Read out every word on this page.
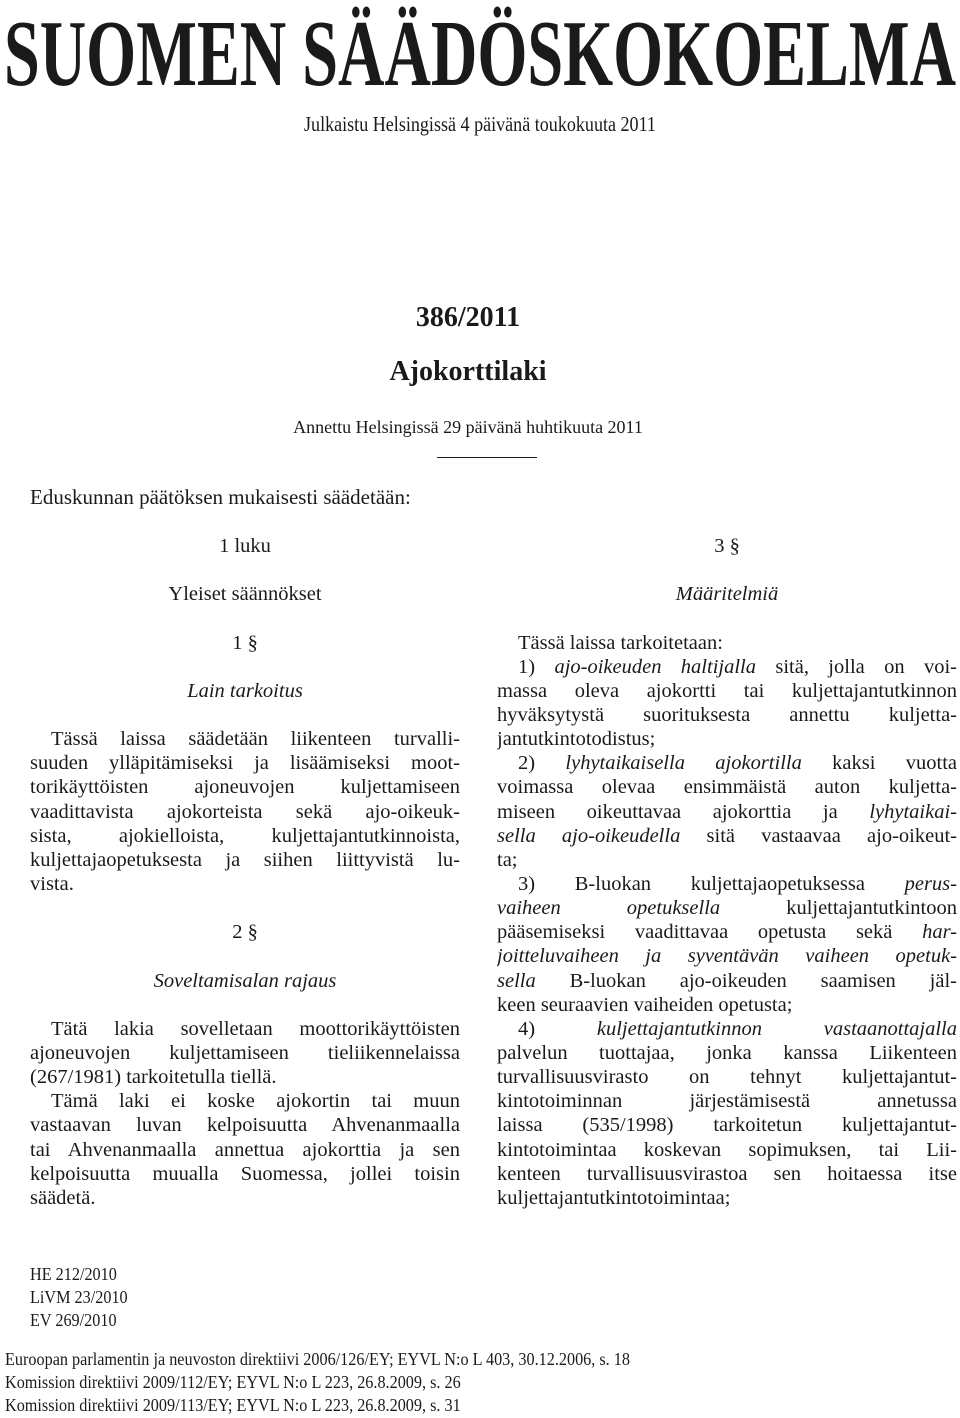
SUOMEN SÄÄDÖSKOKOELMA
Julkaistu Helsingissä 4 päivänä toukokuuta 2011
386/2011
Ajokorttilaki
Annettu Helsingissä 29 päivänä huhtikuuta 2011
Eduskunnan päätöksen mukaisesti säädetään:
1 luku
Yleiset säännökset
1 §
Lain tarkoitus
Tässä laissa säädetään liikenteen turvalli-
suuden ylläpitämiseksi ja lisäämiseksi moot-
torikäyttöisten ajoneuvojen kuljettamiseen
vaadittavista ajokorteista sekä ajo-oikeuk-
sista, ajokielloista, kuljettajantutkinnoista,
kuljettajaopetuksesta ja siihen liittyvistä lu-
vista.
2 §
Soveltamisalan rajaus
Tätä lakia sovelletaan moottorikäyttöisten
ajoneuvojen kuljettamiseen tieliikennelaissa
(267/1981) tarkoitetulla tiellä.
Tämä laki ei koske ajokortin tai muun
vastaavan luvan kelpoisuutta Ahvenanmaalla
tai Ahvenanmaalla annettua ajokorttia ja sen
kelpoisuutta muualla Suomessa, jollei toisin
säädetä.
3 §
Määritelmiä
Tässä laissa tarkoitetaan:
1) ajo-oikeuden haltijalla sitä, jolla on voi-
massa oleva ajokortti tai kuljettajantutkinnon
hyväksytystä suorituksesta annettu kuljetta-
jantutkintotodistus;
2) lyhytaikaisella ajokortilla kaksi vuotta
voimassa olevaa ensimmäistä auton kuljetta-
miseen oikeuttavaa ajokorttia ja lyhytaikai-
sella ajo-oikeudella sitä vastaavaa ajo-oikeut-
ta;
3) B-luokan kuljettajaopetuksessa perus-
vaiheen opetuksella kuljettajantutkintoon
pääsemiseksi vaadittavaa opetusta sekä har-
joitteluvaiheen ja syventävän vaiheen opetuk-
sella B-luokan ajo-oikeuden saamisen jäl-
keen seuraavien vaiheiden opetusta;
4) kuljettajantutkinnon vastaanottajalla
palvelun tuottajaa, jonka kanssa Liikenteen
turvallisuusvirasto on tehnyt kuljettajantut-
kintotoiminnan järjestämisestä annetussa
laissa (535/1998) tarkoitetun kuljettajantut-
kintotoimintaa koskevan sopimuksen, tai Lii-
kenteen turvallisuusvirastoa sen hoitaessa itse
kuljettajantutkintotoimintaa;
HE 212/2010
LiVM 23/2010
EV 269/2010
Euroopan parlamentin ja neuvoston direktiivi 2006/126/EY; EYVL N:o L 403, 30.12.2006, s. 18
Komission direktiivi 2009/112/EY; EYVL N:o L 223, 26.8.2009, s. 26
Komission direktiivi 2009/113/EY; EYVL N:o L 223, 26.8.2009, s. 31
